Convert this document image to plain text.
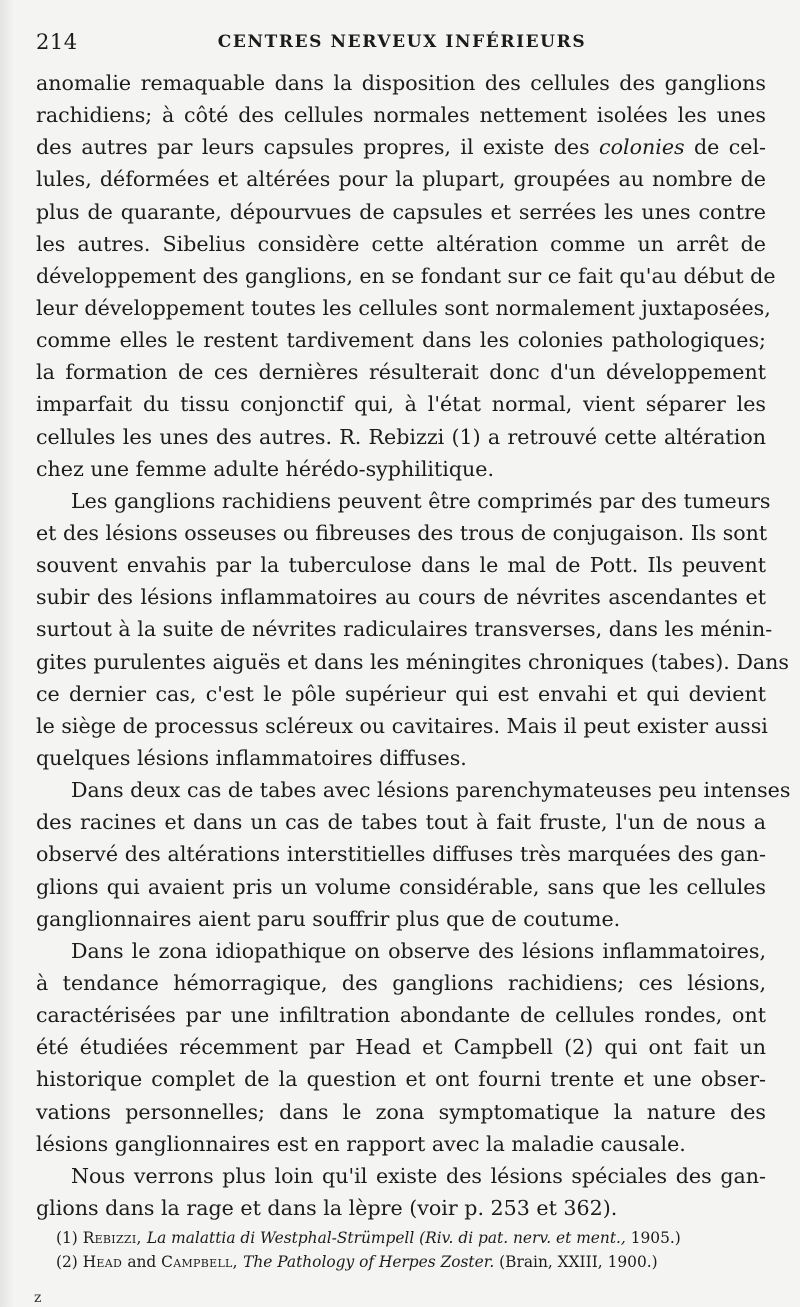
214	CENTRES NERVEUX INFÉRIEURS
anomalie remaquable dans la disposition des cellules des ganglions
rachidiens; à côté des cellules normales nettement isolées les unes
des autres par leurs capsules propres, il existe des colonies de cel-
lules, déformées et altérées pour la plupart, groupées au nombre de
plus de quarante, dépourvues de capsules et serrées les unes contre
les autres. Sibelius considère cette altération comme un arrêt de
développement des ganglions, en se fondant sur ce fait qu'au début de
leur développement toutes les cellules sont normalement juxtaposées,
comme elles le restent tardivement dans les colonies pathologiques;
la formation de ces dernières résulterait donc d'un développement
imparfait du tissu conjonctif qui, à l'état normal, vient séparer les
cellules les unes des autres. R. Rebizzi (1) a retrouvé cette altération
chez une femme adulte hérédo-syphilitique.
Les ganglions rachidiens peuvent être comprimés par des tumeurs
et des lésions osseuses ou fibreuses des trous de conjugaison. Ils sont
souvent envahis par la tuberculose dans le mal de Pott. Ils peuvent
subir des lésions inflammatoires au cours de névrites ascendantes et
surtout à la suite de névrites radiculaires transverses, dans les ménin-
gites purulentes aiguës et dans les méningites chroniques (tabes). Dans
ce dernier cas, c'est le pôle supérieur qui est envahi et qui devient
le siège de processus scléreux ou cavitaires. Mais il peut exister aussi
quelques lésions inflammatoires diffuses.
Dans deux cas de tabes avec lésions parenchymateuses peu intenses
des racines et dans un cas de tabes tout à fait fruste, l'un de nous a
observé des altérations interstitielles diffuses très marquées des gan-
glions qui avaient pris un volume considérable, sans que les cellules
ganglionnaires aient paru souffrir plus que de coutume.
Dans le zona idiopathique on observe des lésions inflammatoires,
à tendance hémorragique, des ganglions rachidiens; ces lésions,
caractérisées par une infiltration abondante de cellules rondes, ont
été étudiées récemment par Head et Campbell (2) qui ont fait un
historique complet de la question et ont fourni trente et une obser-
vations personnelles; dans le zona symptomatique la nature des
lésions ganglionnaires est en rapport avec la maladie causale.
Nous verrons plus loin qu'il existe des lésions spéciales des gan-
glions dans la rage et dans la lèpre (voir p. 253 et 362).
(1) Rebizzi, La malattia di Westphal-Strümpell (Riv. di pat. nerv. et ment., 1905.)
(2) Head and Campbell, The Pathology of Herpes Zoster. (Brain, XXIII, 1900.)
z
